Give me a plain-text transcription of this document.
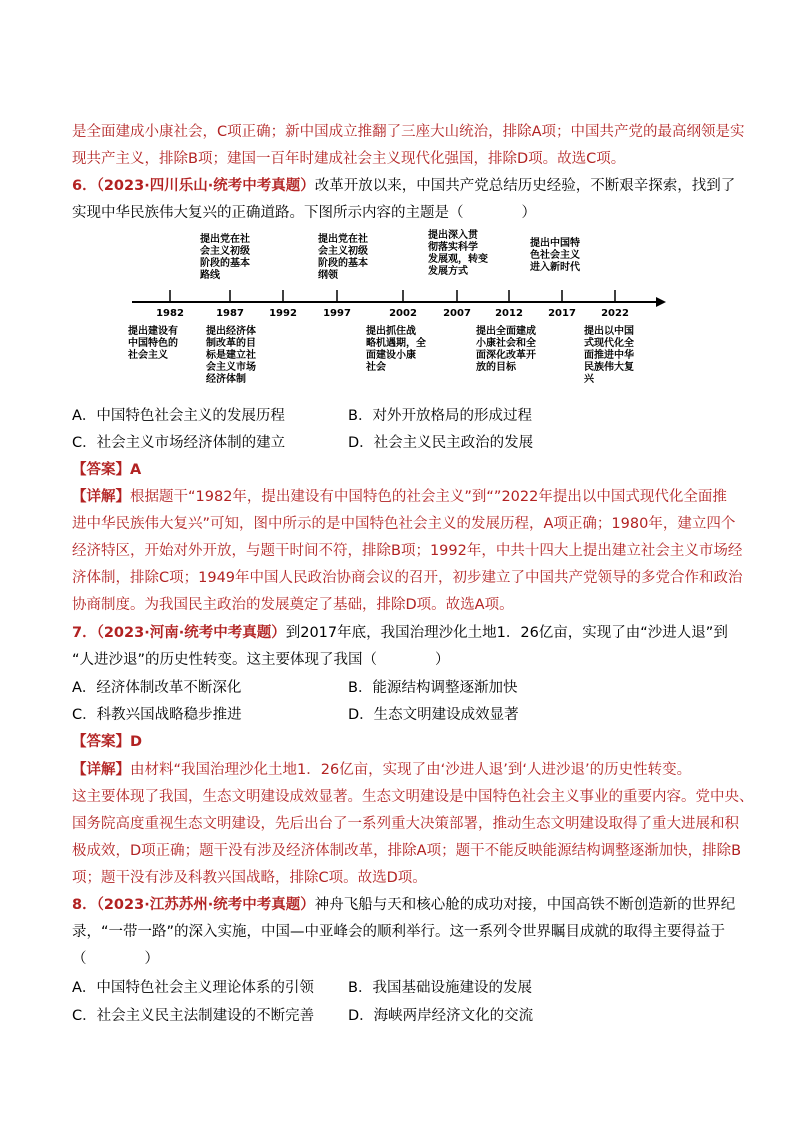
是全面建成小康社会，C项正确；新中国成立推翻了三座大山统治，排除A项；中国共产党的最高纲领是实
现共产主义，排除B项；建国一百年时建成社会主义现代化强国，排除D项。故选C项。
6．（2023·四川乐山·统考中考真题）改革开放以来，中国共产党总结历史经验，不断艰辛探索，找到了
实现中华民族伟大复兴的正确道路。下图所示内容的主题是（　　　　）
1982	1987	1992	1997	2002	2007 2012	2017	2022
提出党在社
会主义初级
阶段的基本
路线
提出党在社
会主义初级
阶段的基本
纲领
提出深入贯
彻落实科学
发展观，转变
发展方式
提出中国特
色社会主义
进入新时代
提出建设有
中国特色的
社会主义
提出经济体
制改革的目
标是建立社
会主义市场
经济体制
提出抓住战
略机遇期，全
面建设小康
社会
提出全面建成
小康社会和全
面深化改革开
放的目标
提出以中国
式现代化全
面推进中华
民族伟大复
兴
A．中国特色社会主义的发展历程	B．对外开放格局的形成过程
C．社会主义市场经济体制的建立	D．社会主义民主政治的发展
【答案】A
【详解】根据题干“1982年，提出建设有中国特色的社会主义”到“”2022年提出以中国式现代化全面推
进中华民族伟大复兴”可知，图中所示的是中国特色社会主义的发展历程，A项正确；1980年，建立四个
经济特区，开始对外开放，与题干时间不符，排除B项；1992年，中共十四大上提出建立社会主义市场经
济体制，排除C项；1949年中国人民政治协商会议的召开，初步建立了中国共产党领导的多党合作和政治
协商制度。为我国民主政治的发展奠定了基础，排除D项。故选A项。
7．（2023·河南·统考中考真题）到2017年底，我国治理沙化土地1．26亿亩，实现了由“沙进人退”到
“人进沙退”的历史性转变。这主要体现了我国（　　　　）
A．经济体制改革不断深化	B．能源结构调整逐渐加快
C．科教兴国战略稳步推进	D．生态文明建设成效显著
【答案】D
【详解】由材料“我国治理沙化土地1．26亿亩，实现了由‘沙进人退’到‘人进沙退’的历史性转变。
这主要体现了我国，生态文明建设成效显著。生态文明建设是中国特色社会主义事业的重要内容。党中央、
国务院高度重视生态文明建设，先后出台了一系列重大决策部署，推动生态文明建设取得了重大进展和积
极成效，D项正确；题干没有涉及经济体制改革，排除A项；题干不能反映能源结构调整逐渐加快，排除B
项；题干没有涉及科教兴国战略，排除C项。故选D项。
8．（2023·江苏苏州·统考中考真题）神舟飞船与天和核心舱的成功对接，中国高铁不断创造新的世界纪
录，“一带一路”的深入实施，中国—中亚峰会的顺利举行。这一系列令世界瞩目成就的取得主要得益于
（　　　　）
A．中国特色社会主义理论体系的引领 B．我国基础设施建设的发展
C．社会主义民主法制建设的不断完善 D．海峡两岸经济文化的交流
